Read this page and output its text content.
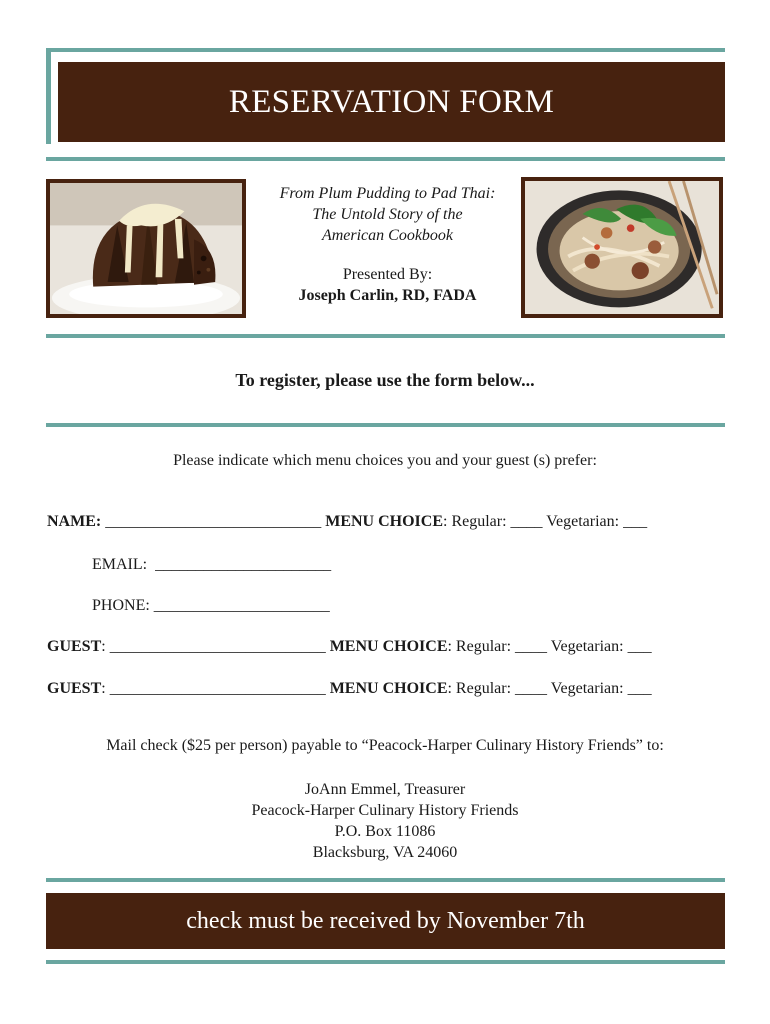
RESERVATION FORM
From Plum Pudding to Pad Thai:
The Untold Story of the
American Cookbook
Presented By:
Joseph Carlin, RD, FADA
To register, please use the form below...
Please indicate which menu choices you and your guest (s) prefer:
NAME: ___________________________ MENU CHOICE: Regular: ____ Vegetarian: ___
EMAIL:  ______________________
PHONE: ______________________
GUEST: ___________________________ MENU CHOICE: Regular: ____ Vegetarian: ___
GUEST: ___________________________ MENU CHOICE: Regular: ____ Vegetarian: ___
Mail check ($25 per person) payable to “Peacock-Harper Culinary History Friends” to:
JoAnn Emmel, Treasurer
Peacock-Harper Culinary History Friends
P.O. Box 11086
Blacksburg, VA 24060
check must be received by November 7th
